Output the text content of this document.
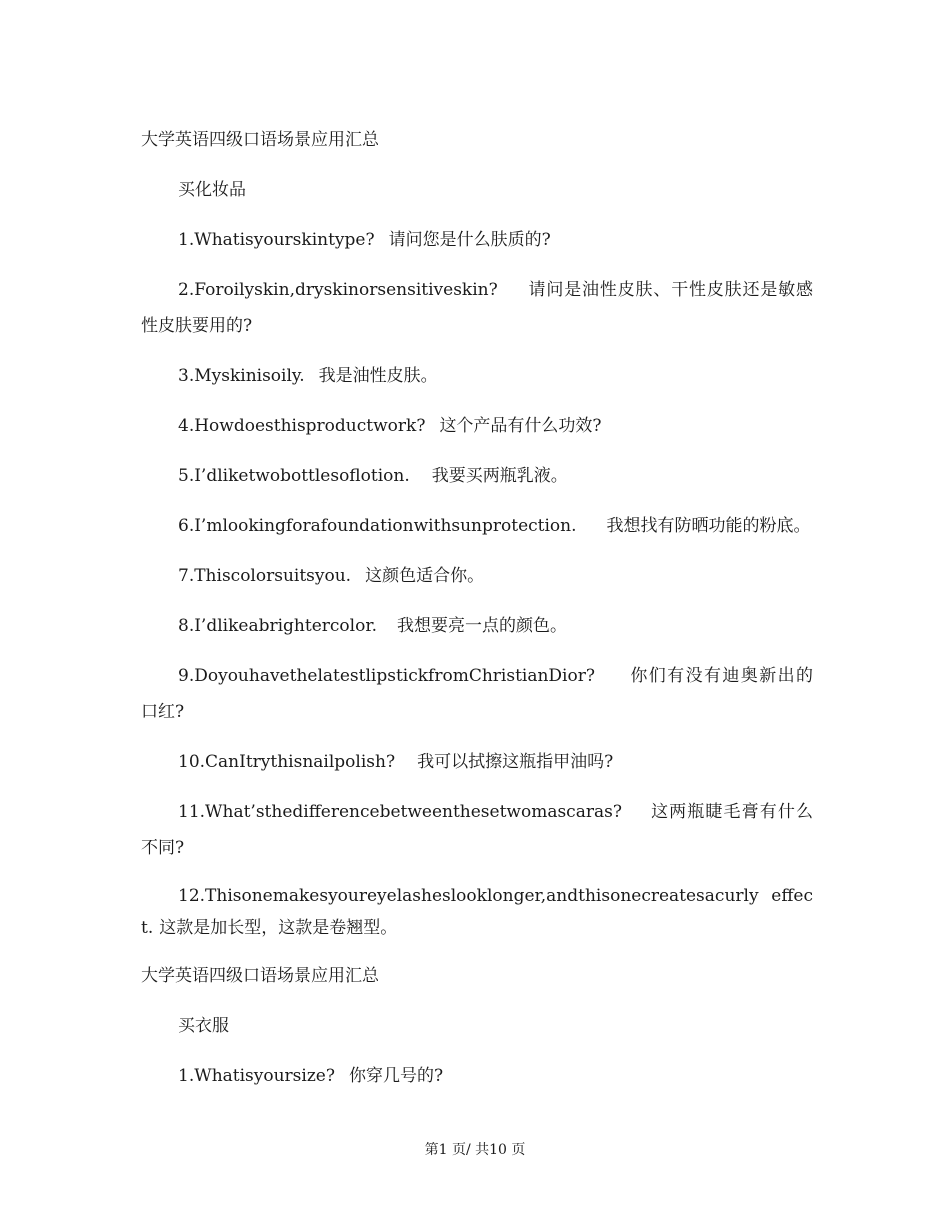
大学英语四级口语场景应用汇总

买化妆品

1.Whatisyourskintype? 请问您是什么肤质的?

2.Foroilyskin,dryskinorsensitiveskin? 请问是油性皮肤、干性皮肤还是敏感性皮肤要用的?

3.Myskinisoily. 我是油性皮肤。

4.Howdoesthisproductwork? 这个产品有什么功效?

5.I’dliketwobottlesoflotion. 我要买两瓶乳液。

6.I’mlookingforafoundationwithsunprotection. 我想找有防晒功能的粉底。

7.Thiscolorsuitsyou. 这颜色适合你。

8.I’dlikeabrightercolor. 我想要亮一点的颜色。

9.DoyouhavethelatestlipstickfromChristianDior? 你们有没有迪奥新出的口红?

10.CanItrythisnailpolish? 我可以拭擦这瓶指甲油吗?

11.What’sthedifferencebetweenthesetwomascaras? 这两瓶睫毛膏有什么不同?

12.Thisonemakesyoureyelasheslooklonger,andthisonecreatesacurly effect. 这款是加长型，这款是卷翘型。

大学英语四级口语场景应用汇总

买衣服

1.Whatisyoursize? 你穿几号的?

第1 页/ 共10 页
